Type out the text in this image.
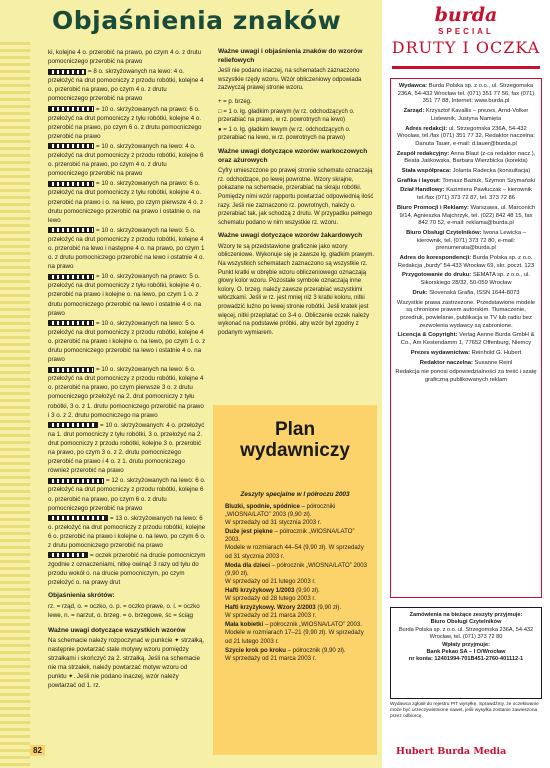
Objaśnienia znaków

ki, kolejne 4 o. przerobić na prawo, po czym 4 o. z drutu pomocniczego przerobić na prawo

= 8 o. skrzyżowanych na lewo: 4 o. przełożyć na drut pomocniczy z przodu robótki, kolejne 4 o. przerobić na prawo, po czym 4 o. z drutu pomocniczego przerobić na prawo

= 10 o. skrzyżowanych na prawo: 6 o. przełożyć na drut pomocniczy z tyłu robótki, kolejne 4 o. przerobić na prawo, po czym 6 o. z drutu pomocniczego przerobić na prawo

= 10 o. skrzyżowanych na lewo: 4 o. przełożyć na drut pomocniczy z przodu robótki, kolejne 6 o. przerobić na prawo, po czym 4 o. z drutu pomocniczego przerobić na prawo

= 10 o. skrzyżowanych na prawo: 6 o. przełożyć na drut pomocniczy z tyłu robótki, kolejne 4 o. przerobić na prawo i o. na lewo, po czym pierwsze 4 o. z drutu pomocniczego przerobić na prawo i ostatnie o. na lewo

= 10 o. skrzyżowanych na lewo: 5 o. przełożyć na drut pomocniczy z przodu robótki, kolejne 4 o. przerobić na lewo i następne 4 o. na prawo, po czym 1 o. z drutu pomocniczego przerobić na lewo i ostatnie 4 o. na prawo

= 10 o. skrzyżowanych na prawo: 5 o. przełożyć na drut pomocniczy z tyłu robótki, kolejne 4 o. przerobić na prawo i kolejne o. na lewo, po czym 1 o. z drutu pomocniczego przerobić na lewo i ostatnie 4 o. na prawo

= 10 o. skrzyżowanych na lewo: 5 o. przełożyć na drut pomocniczy z przodu robótki, kolejne 4 o. przerobić na prawo i kolejne o. na lewo, po czym 1 o. z drutu pomocniczego przerobić na lewo i ostatnie 4 o. na prawo

= 10 o. skrzyżowanych na lewo: 6 o. przełożyć na drut pomocniczy z przodu robótki, kolejne 4 o. przerobić na prawo, po czym pierwsze 3 o. z drutu pomocniczego przełożyć na 2. drut pomocniczy z tyłu robótki, 3 o. z 1. drutu pomocniczego przerobić na prawo i 3 o. z 2. drutu pomocniczego na prawo

= 10 o. skrzyżowanych: 4 o. przełożyć na 1. drut pomocniczy z tyłu robótki, 3 o. przełożyć na 2. drut pomocniczy z przodu robótki, kolejne 3 o. przerobić na prawo, po czym 3 o. z 2. drutu pomocniczego przerobić na prawo i 4 o. z 1. drutu pomocniczego również przerobić na prawo

= 12 o. skrzyżowanych na lewo: 6 o. przełożyć na drut pomocniczy z przodu robótki, kolejne 6 o. przerobić na prawo, po czym 6 o. z drutu pomocniczego przerobić na prawo

= 13 o. skrzyżowanych na lewo: 6 o. przełożyć na drut pomocniczy z przodu robótki, kolejne 6 o. przerobić na prawo i kolejne o. na lewo, po czym 6 o. z drutu pomocniczego przerobić na prawo

= oczek przerobić na drucie pomocniczym zgodnie z oznaczeniami, nitkę owinąć 3 razy od tyłu do przodu wokół o. na drucie pomocniczym, po czym przełożyć o. na prawy drut

Objaśnienia skrótów:

rz. = rząd, o. = oczko, o. p. = oczko prawe, o. l. = oczko lewe, n. = narzut, o. brzeg. = o. brzegowe, śc = ściąg

Ważne uwagi dotyczące wszystkich wzorów

Na schemacie należy rozpoczynać w punkcie ✦ strzałką, następnie powtarzać stale motywy wzoru pomiędzy strzałkami i skończyć za 2. strzałką. Jeśli na schemacie nie ma strzałek, należy powtarzać motyw wzoru od punktu ✦. Jeśli nie podano inaczej, wzór należy powtarzać od 1. rz.

Ważne uwagi i objaśnienia znaków do wzorów reliefowych

Jeśli nie podano inaczej, na schematach zaznaczono wszystkie rzędy wzoru. Wzór obliczeniowy odpowiada zazwyczaj prawej stronie wzoru.

+ = p. brzeg.
□ = 1 o. łg. gładkim prawym (w rz. odchodzących o. przerabiać na prawo, w rz. powrotnych na lewo)
● = 1 o. łg. gładkim lewym (w rz. odchodzących o. przerabiać na lewo, w rz. powrotnych na prawo)

Ważne uwagi dotyczące wzorów warkoczowych oraz ażurowych

Cyfry umieszczone po prawej stronie schematu oznaczają rz. odchodzące, po lewej powrotne. Wzory skrajne, pokazane na schemacie, przerabiać na skraju robótki. Pomiędzy nimi wzór rapportu powtarzać odpowiednią ilość razy. Jeśli nie zaznaczono rz. powrotnych, należy o. przerabiać tak, jak schodzą z drutu. W przypadku pełnego schematu podano w nim wszystkie rz. wzoru.

Ważne uwagi dotyczące wzorów żakardowych

Wzory te są przedstawione graficznie jako wzory obliczeniowe. Wykonuje się je zawsze łg. gładkim prawym. Na wszystkich schematach zaznaczono są wszystkie rz. Punkt kratki w obrębie wzoru obliczeniowego oznaczają głowy kolor wzoru. Pozostałe symbole oznaczają inne kolory. O. brzeg. należy zawsze przerabiać wszystkimi włóczkami. Jeśli w rz. jest mniej niż 3 kratki koloru, nitki prowadzić luźno po lewej stronie robótki. Jeśli kratek jest więcej, nitki przeplatać co 3-4 o. Obliczenie oczek należy wykonać na podstawie próbki, aby wzór był zgodny z podanym wymiarem.

Plan
wydawniczy
Zeszyty specjalne w I półroczu 2003
Bluzki, spodnie, spódnice – półroczniki „WIOSNA/LATO” 2003 (9,90 zł).
W sprzedaży od 31 stycznia 2003 r.
Duże jest piękne – półrocznik „WIOSNA/LATO” 2003.
Modele w rozmiarach 44–54 (9,90 zł). W sprzedaży od 31 stycznia 2003 r.
Moda dla dzieci – półrocznik „WIOSNA/LATO” 2003 (9,90 zł).
W sprzedaży od 21 lutego 2003 r.
Hafti krzyżykowy 1/2003 (9,90 zł).
W sprzedaży od 28 lutego 2003 r.
Hafti krzyżykowy. Wzory 2/2003 (9,90 zł).
W sprzedaży od 21 marca 2003 r.
Mała kobietki – półrocznik „WIOSNA/LATO” 2003.
Modele w rozmiarach 17–21 (9,90 zł). W sprzedaży od 21 lutego 2003 r.
Szycie krok po kroku – półrocznik (9,90 zł).
W sprzedaży od 21 marca 2003 r.
82
burda
SPECIAL
DRUTY I OCZKA
Wydawca: Burda Polska sp. z o.o., ul. Strzegomska 236A, 54-432 Wrocław tel. (071) 351 77 56, fax (071) 351 77 88, Internet: www.burda.pl
Zarząd: Krzysztof Kavallis – prezes, Arnd-Volker Listewnik, Justyna Namięta
Adres redakcji: ul. Strzegomska 236A, 54-432 Wrocław, tel./fax (071) 351 77 32, Redaktor naczelna: Danuta Tauer, e-mail: d.tauer@burda.pl
Zespół redakcyjny: Anna Blaut (z-ca redaktor nacz.), Beata Jaśkowska, Barbara Wierzbicka (korekta)
Stała współpraca: Jolanta Radecka (konsultacja)
Grafika i layout: Tomasz Bażiuk, Szymon Szymański
Dział Handlowy: Kazimiera Pawłuczak – kierownik tel./fax (071) 373 72 87, tel. 373 72 86
Biuro Promocji i Reklamy: Warszawa, ul. Marconich 9/14, Agnieszka Majchrzyk, tel. (022) 842 48 15, fax 842 70 52, e-mail: reklama@burda.pl
Biuro Obsługi Czytelników: Iwona Lewicka – kierownik, tel. (071) 373 72 80, e-mail: prenumerata@burda.pl
Adres do korespondencji: Burda Polska sp. z o.o. Redakcja „burdy” 54-433 Wrocław 69, skr. poczt. 123
Przygotowanie do druku: SEMATA sp. z o.o., ul. Sikorskiego 28/32, 50-059 Wrocław
Druk: Slovenská Grafia, ISSN 1644-8073
Wszystkie prawa zastrzeżone. Przedstawione modele są chronione prawem autorskim. Tłumaczenie, przedruk, powielanie, publikacja w TV lub radiu bez zezwolenia wydawcy są zabronione.
Licencja & Copyright: Verlag Aenne Burda GmbH & Co., Am Kestendamm 1, 77652 Offenburg, Niemcy
Prezes wydawnictwa: Reinhold G. Hubert
Redaktor naczelna: Susanne Reinl
Redakcja nie ponosi odpowiedzialności za treść i szatę graficzną publikowanych reklam
Zamówienia na bieżące zeszyty przyjmuje:
Biuro Obsługi Czytelników
Burda Polska sp. z o.o. ul. Strzegomska 236A, 54-432 Wrocław, tel. (071) 373 72 80
Wpłaty przyjmuje:
Bank Pekao SA – I O/Wrocław
nr konta: 12401994-701B451-2760-401112-1
Wydawca zgłosił do rejestru PIT wysyłkę. Sprawdźmy, że oczekiwanie może być urzeczywistnione nawet, jeśli wysyłka zostanie zawieszona przez odbiorcę.
Hubert Burda Media
